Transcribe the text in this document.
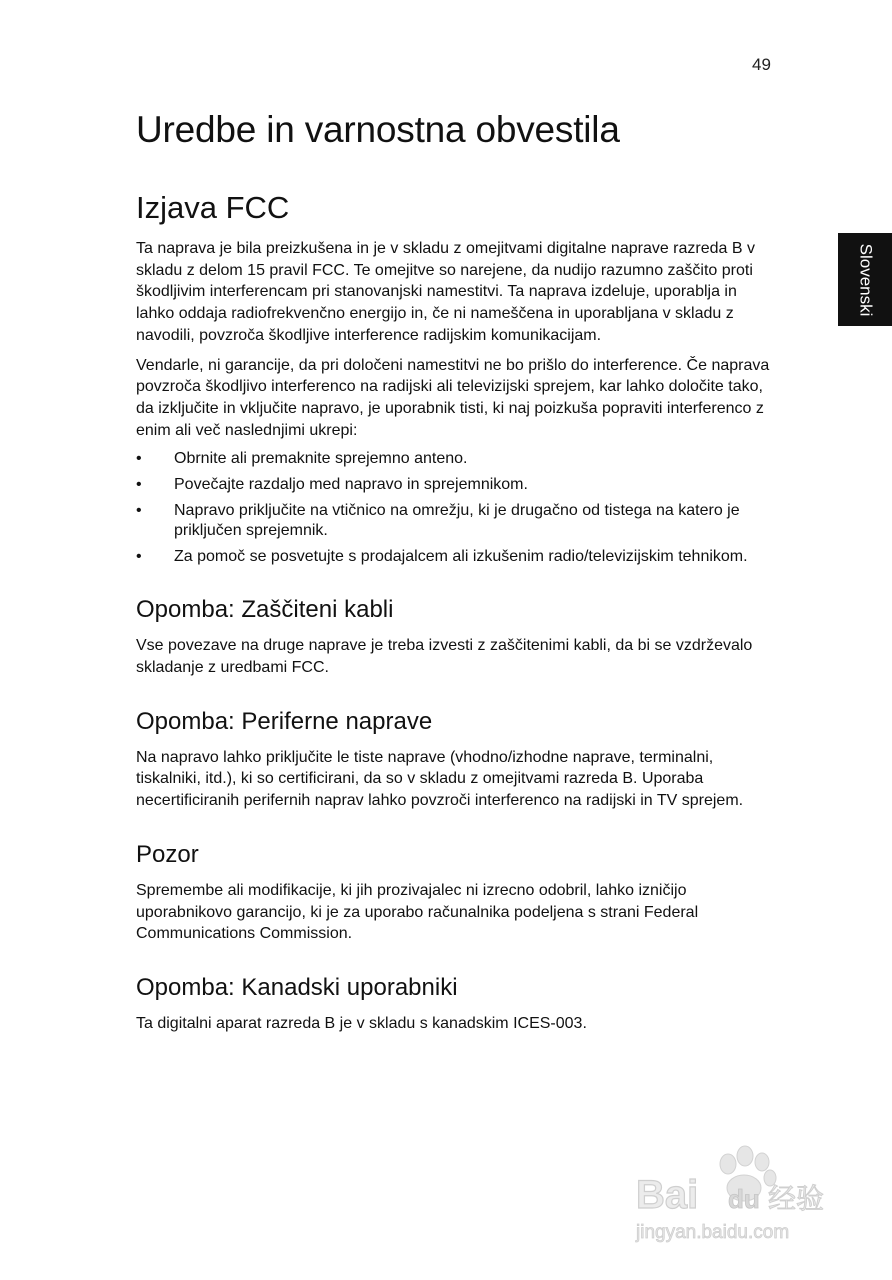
49
Slovenski
Uredbe in varnostna obvestila
Izjava FCC

Ta naprava je bila preizkušena in je v skladu z omejitvami digitalne naprave razreda B v skladu z delom 15 pravil FCC. Te omejitve so narejene, da nudijo razumno zaščito proti škodljivim interferencam pri stanovanjski namestitvi. Ta naprava izdeluje, uporablja in lahko oddaja radiofrekvenčno energijo in, če ni nameščena in uporabljana v skladu z navodili, povzroča škodljive interference radijskim komunikacijam.

Vendarle, ni garancije, da pri določeni namestitvi ne bo prišlo do interference. Če naprava povzroča škodljivo interferenco na radijski ali televizijski sprejem, kar lahko določite tako, da izključite in vključite napravo, je uporabnik tisti, ki naj poizkuša popraviti interferenco z enim ali več naslednjimi ukrepi:

• Obrnite ali premaknite sprejemno anteno.
• Povečajte razdaljo med napravo in sprejemnikom.
• Napravo priključite na vtičnico na omrežju, ki je drugačno od tistega na katero je priključen sprejemnik.
• Za pomoč se posvetujte s prodajalcem ali izkušenim radio/televizijskim tehnikom.
Opomba: Zaščiteni kabli

Vse povezave na druge naprave je treba izvesti z zaščitenimi kabli, da bi se vzdrževalo skladanje z uredbami FCC.

Opomba: Periferne naprave

Na napravo lahko priključite le tiste naprave (vhodno/izhodne naprave, terminalni, tiskalniki, itd.), ki so certificirani, da so v skladu z omejitvami razreda B. Uporaba necertificiranih perifernih naprav lahko povzroči interferenco na radijski in TV sprejem.

Pozor

Spremembe ali modifikacije, ki jih prozivajalec ni izrecno odobril, lahko izničijo uporabnikovo garancijo, ki je za uporabo računalnika podeljena s strani Federal Communications Commission.

Opomba: Kanadski uporabniki

Ta digitalni aparat razreda B je v skladu s kanadskim ICES-003.

Bai du 经验
jingyan.baidu.com
